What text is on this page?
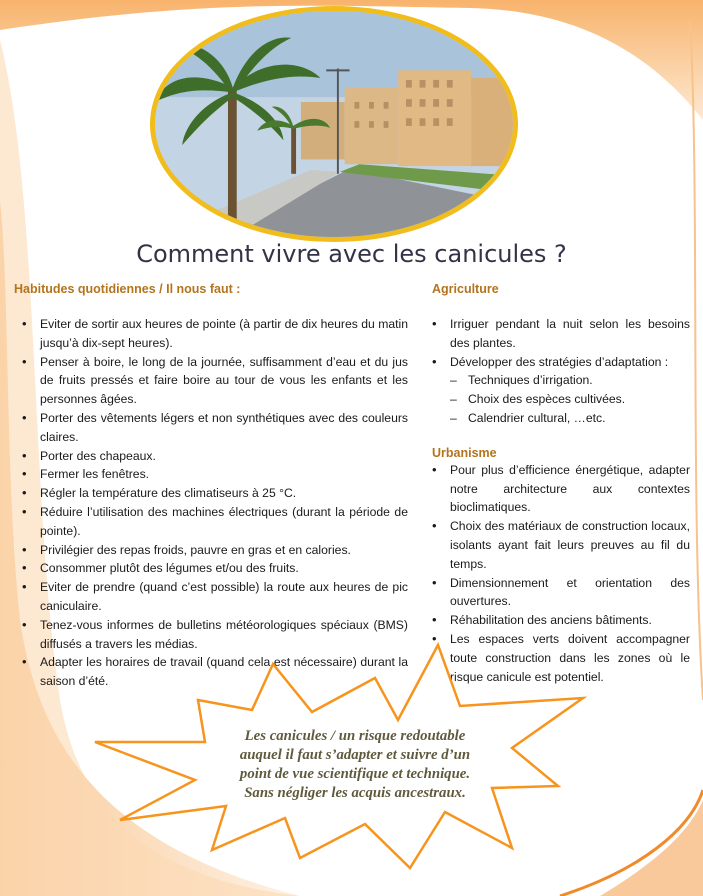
Comment vivre avec les canicules ?

Habitudes quotidiennes / Il nous faut :

• Eviter de sortir aux heures de pointe (à partir de dix heures du matin jusqu’à dix-sept heures).
• Penser à boire, le long de la journée, suffisamment d’eau et du jus de fruits pressés et faire boire au tour de vous les enfants et les personnes âgées.
• Porter des vêtements légers et non synthétiques avec des couleurs claires.
• Porter des chapeaux.
• Fermer les fenêtres.
• Régler la température des climatiseurs à 25 °C.
• Réduire l’utilisation des machines électriques (durant la période de pointe).
• Privilégier des repas froids, pauvre en gras et en calories.
• Consommer plutôt des légumes et/ou des fruits.
• Eviter de prendre (quand c’est possible) la route aux heures de pic caniculaire.
• Tenez-vous informes de bulletins météorologiques spéciaux (BMS) diffusés a travers les médias.
• Adapter les horaires de travail (quand cela est nécessaire) durant la saison d’été.

Agriculture

• Irriguer pendant la nuit selon les besoins des plantes.
• Développer des stratégies d’adaptation :
– Techniques d’irrigation.
– Choix des espèces cultivées.
– Calendrier cultural, …etc.

Urbanisme

• Pour plus d’efficience énergétique, adapter notre architecture aux contextes bioclimatiques.
• Choix des matériaux de construction locaux, isolants ayant fait leurs preuves au fil du temps.
• Dimensionnement et orientation des ouvertures.
• Réhabilitation des anciens bâtiments.
• Les espaces verts doivent accompagner toute construction dans les zones où le risque canicule est potentiel.
Les canicules / un risque redoutable
auquel il faut s’adapter et suivre d’un
point de vue scientifique et technique.
Sans négliger les acquis ancestraux.
